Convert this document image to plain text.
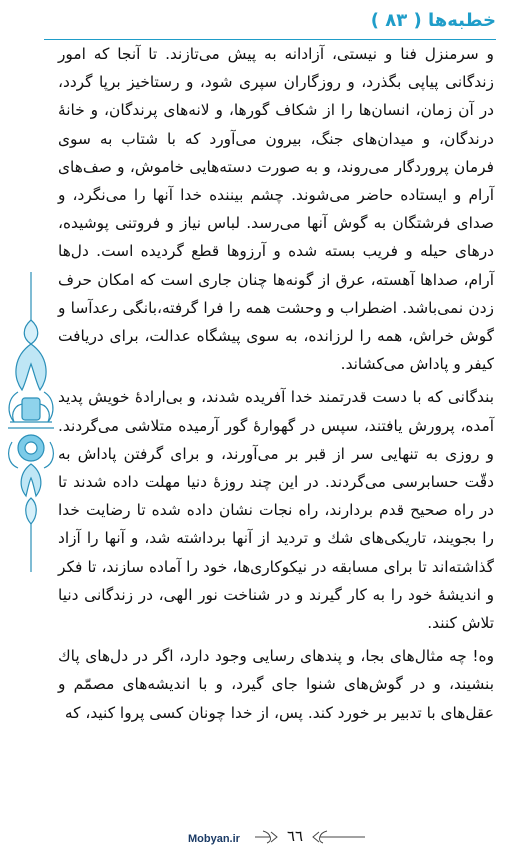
خطبه‌ها ( ۸۳ )

و سرمنزل فنا و نیستی، آزادانه به پیش می‌تازند. تا آنجا که امور زندگانی پیاپی بگذرد، و روزگاران سپری شود، و رستاخیز برپا گردد، در آن زمان، انسان‌ها را از شکاف گورها، و لانه‌های پرندگان، و خانۀ درندگان، و میدان‌های جنگ، بیرون می‌آورد که با شتاب به سوی فرمان پروردگار می‌روند، و به صورت دسته‌هایی خاموش، و صف‌های آرام و ایستاده حاضر می‌شوند. چشم بیننده خدا آنها را می‌نگرد، و صدای فرشتگان به گوش آنها می‌رسد. لباس نیاز و فروتنی پوشیده، درهای حیله و فریب بسته شده و آرزوها قطع گردیده است. دل‌ها آرام، صداها آهسته، عرق از گونه‌ها چنان جاری است که امکان حرف زدن نمی‌باشد. اضطراب و وحشت همه را فرا گرفته،بانگی رعدآسا و گوش خراش، همه را لرزانده، به سوی پیشگاه عدالت، برای دریافت کیفر و پاداش می‌کشاند.

بندگانی که با دست قدرتمند خدا آفریده شدند، و بی‌ارادۀ خویش پدید آمده، پرورش یافتند، سپس در گهوارۀ گور آرمیده متلاشی می‌گردند. و روزی به تنهایی سر از قبر بر می‌آورند، و برای گرفتن پاداش به دقّت حسابرسی می‌گردند. در این چند روزۀ دنیا مهلت داده شدند تا در راه صحیح قدم بردارند، راه نجات نشان داده شده تا رضایت خدا را بجویند، تاریکی‌های شك و تردید از آنها برداشته شد، و آنها را آزاد گذاشته‌اند تا برای مسابقه در نیکوکاری‌ها، خود را آماده سازند، تا فکر و اندیشۀ خود را به کار گیرند و در شناخت نور الهی، در زندگانی دنیا تلاش کنند.

وه! چه مثال‌های بجا، و پندهای رسایی وجود دارد، اگر در دل‌های پاك بنشیند، و در گوش‌های شنوا جای گیرد، و با اندیشه‌های مصمّم و عقل‌های با تدبیر بر خورد کند. پس، از خدا چونان کسی پروا کنید، که

Mobyan.ir	٦٦
